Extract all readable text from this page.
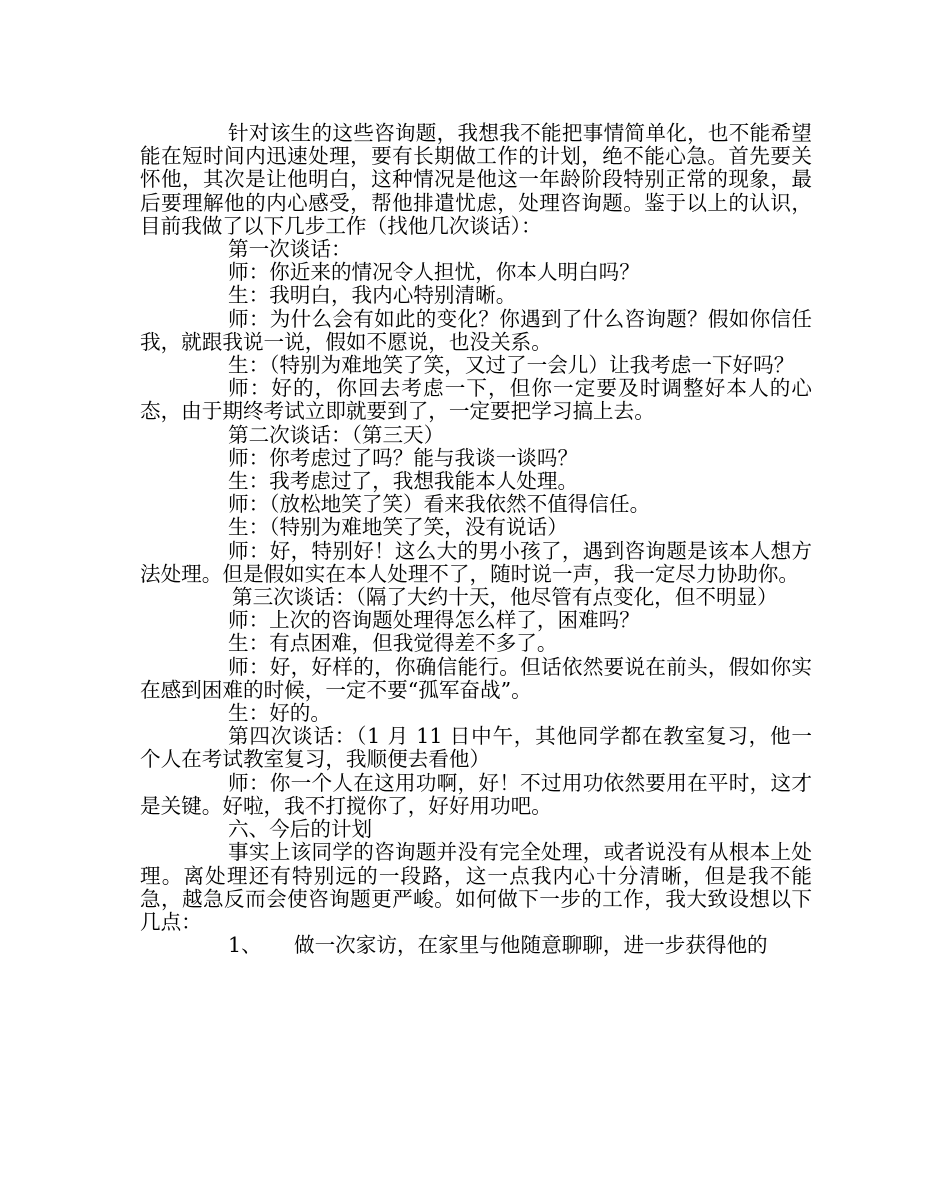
针对该生的这些咨询题，我想我不能把事情简单化，也不能希望能在短时间内迅速处理，要有长期做工作的计划，绝不能心急。首先要关怀他，其次是让他明白，这种情况是他这一年龄阶段特别正常的现象，最后要理解他的内心感受，帮他排遣忧虑，处理咨询题。鉴于以上的认识，目前我做了以下几步工作（找他几次谈话）：

第一次谈话：

师：你近来的情况令人担忧，你本人明白吗？

生：我明白，我内心特别清晰。

师：为什么会有如此的变化？你遇到了什么咨询题？假如你信任我，就跟我说一说，假如不愿说，也没关系。

生：（特别为难地笑了笑，又过了一会儿）让我考虑一下好吗？

师：好的，你回去考虑一下，但你一定要及时调整好本人的心态，由于期终考试立即就要到了，一定要把学习搞上去。

第二次谈话：（第三天）

师：你考虑过了吗？能与我谈一谈吗？

生：我考虑过了，我想我能本人处理。

师：（放松地笑了笑）看来我依然不值得信任。

生：（特别为难地笑了笑，没有说话）

师：好，特别好！这么大的男小孩了，遇到咨询题是该本人想方法处理。但是假如实在本人处理不了，随时说一声，我一定尽力协助你。

第三次谈话：（隔了大约十天，他尽管有点变化，但不明显）

师：上次的咨询题处理得怎么样了，困难吗？

生：有点困难，但我觉得差不多了。

师：好，好样的，你确信能行。但话依然要说在前头，假如你实在感到困难的时候，一定不要“孤军奋战”。

生：好的。

第四次谈话：（1 月 11 日中午，其他同学都在教室复习，他一个人在考试教室复习，我顺便去看他）

师：你一个人在这用功啊，好！不过用功依然要用在平时，这才是关键。好啦，我不打搅你了，好好用功吧。

六、今后的计划

事实上该同学的咨询题并没有完全处理，或者说没有从根本上处理。离处理还有特别远的一段路，这一点我内心十分清晰，但是我不能急，越急反而会使咨询题更严峻。如何做下一步的工作，我大致设想以下几点：

1、 做一次家访，在家里与他随意聊聊，进一步获得他的
